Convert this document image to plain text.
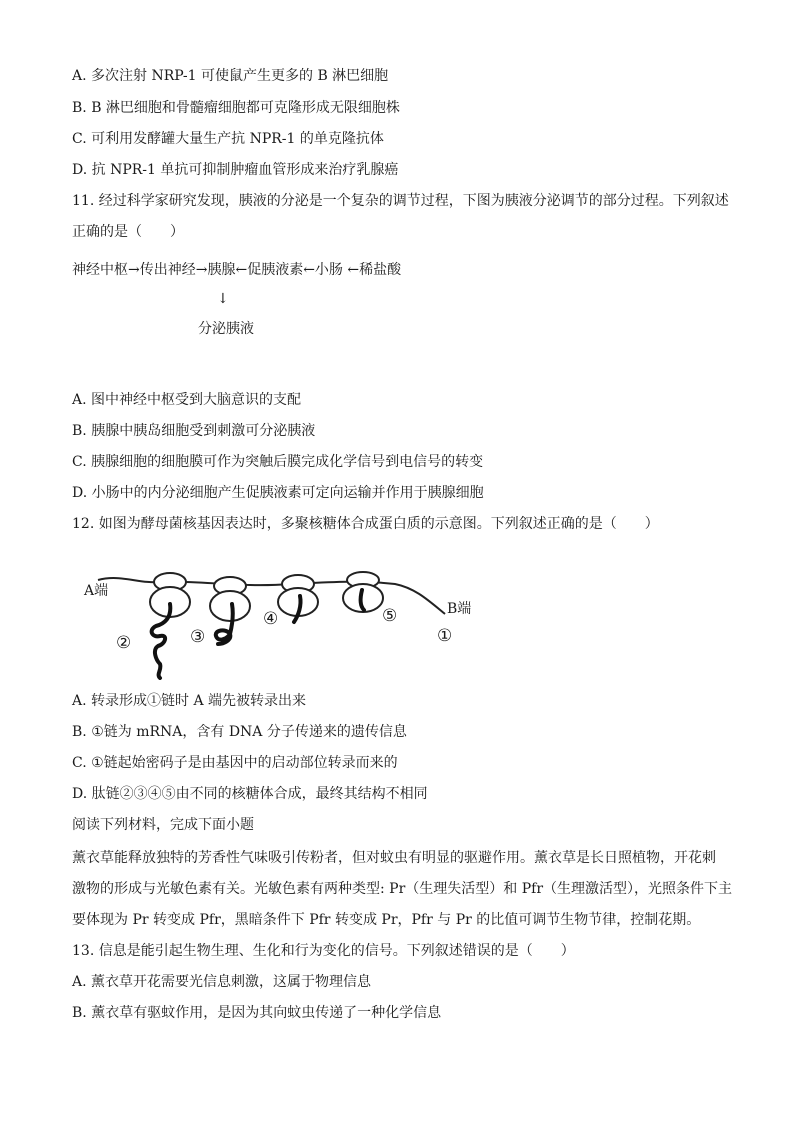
A. 多次注射 NRP-1 可使鼠产生更多的 B 淋巴细胞
B. B 淋巴细胞和骨髓瘤细胞都可克隆形成无限细胞株
C. 可利用发酵罐大量生产抗 NPR-1 的单克隆抗体
D. 抗 NPR-1 单抗可抑制肿瘤血管形成来治疗乳腺癌
11. 经过科学家研究发现，胰液的分泌是一个复杂的调节过程，下图为胰液分泌调节的部分过程。下列叙述
正确的是（　　）
神经中枢→传出神经→胰腺←促胰液素←小肠 ←稀盐酸
↓
分泌胰液
A. 图中神经中枢受到大脑意识的支配
B. 胰腺中胰岛细胞受到刺激可分泌胰液
C. 胰腺细胞的细胞膜可作为突触后膜完成化学信号到电信号的转变
D. 小肠中的内分泌细胞产生促胰液素可定向运输并作用于胰腺细胞
12. 如图为酵母菌核基因表达时，多聚核糖体合成蛋白质的示意图。下列叙述正确的是（　　）
A端
B端
②	③
④	⑤
①
A. 转录形成①链时 A 端先被转录出来
B. ①链为 mRNA，含有 DNA 分子传递来的遗传信息
C. ①链起始密码子是由基因中的启动部位转录而来的
D. 肽链②③④⑤由不同的核糖体合成，最终其结构不相同
阅读下列材料，完成下面小题
薰衣草能释放独特的芳香性气味吸引传粉者，但对蚊虫有明显的驱避作用。薰衣草是长日照植物，开花刺
激物的形成与光敏色素有关。光敏色素有两种类型: Pr（生理失活型）和 Pfr（生理激活型），光照条件下主
要体现为 Pr 转变成 Pfr，黑暗条件下 Pfr 转变成 Pr，Pfr 与 Pr 的比值可调节生物节律，控制花期。
13. 信息是能引起生物生理、生化和行为变化的信号。下列叙述错误的是（　　）
A. 薰衣草开花需要光信息刺激，这属于物理信息
B. 薰衣草有驱蚊作用，是因为其向蚊虫传递了一种化学信息
